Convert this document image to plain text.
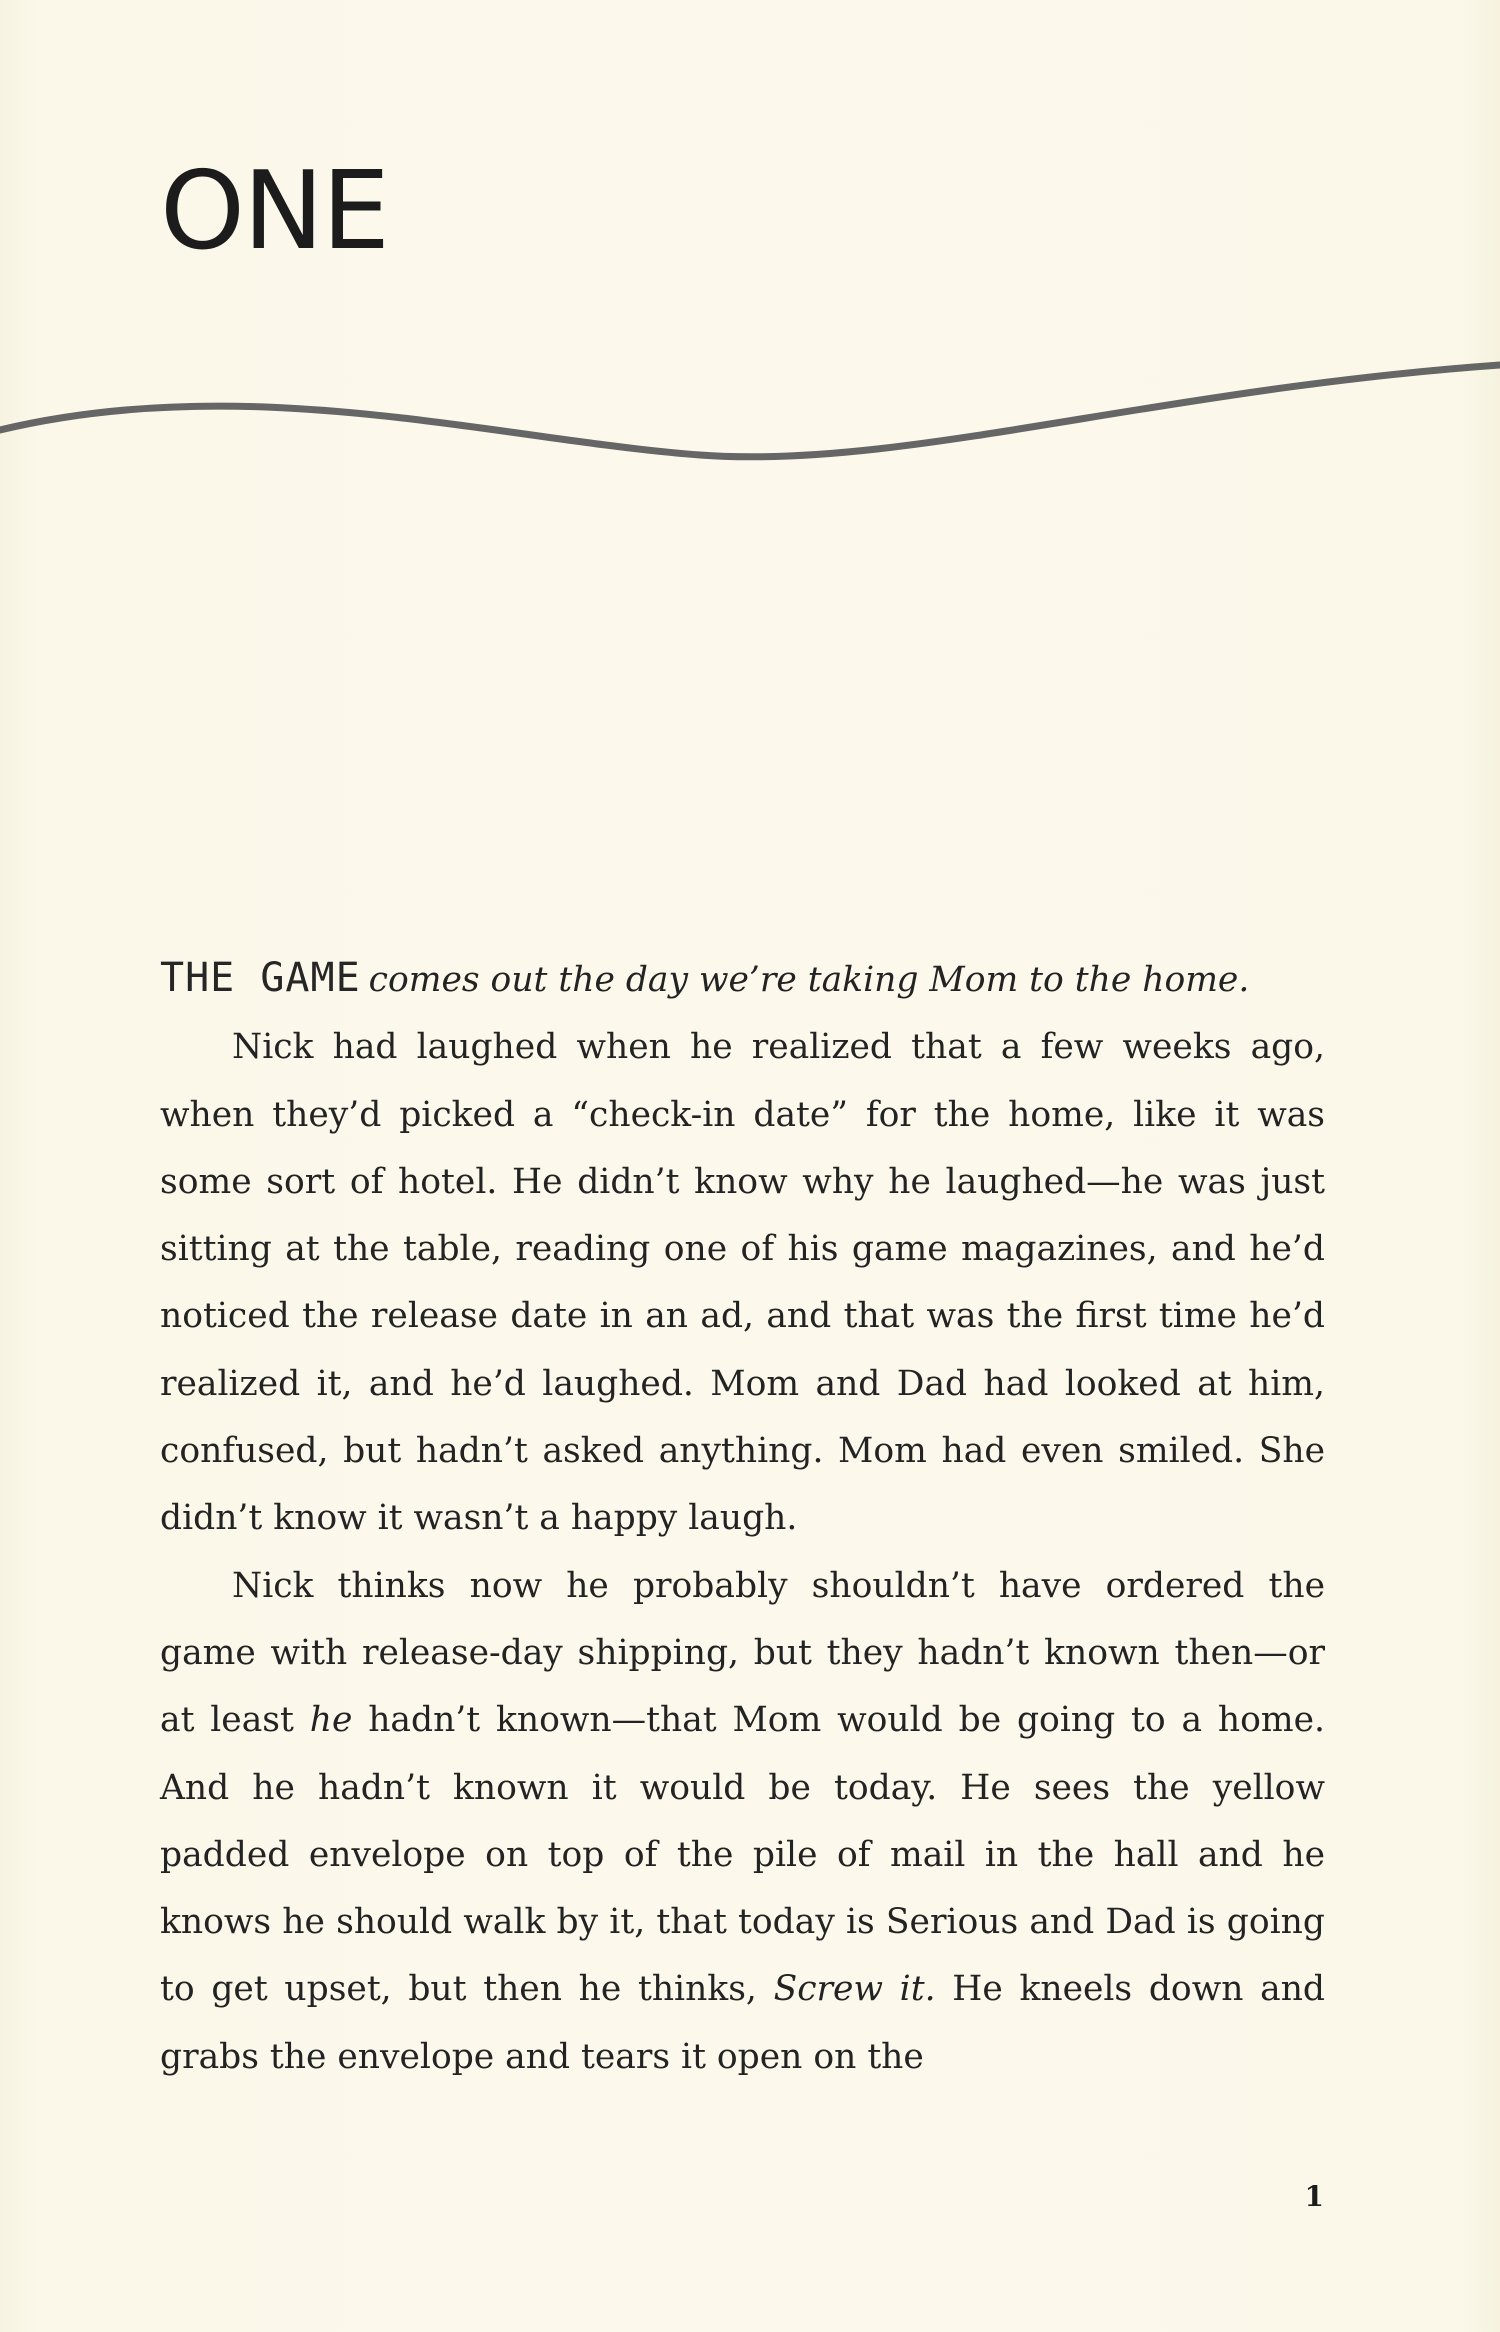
ONE

THE GAME comes out the day we’re taking Mom to the home.

Nick had laughed when he realized that a few weeks ago, when they’d picked a “check-in date” for the home, like it was some sort of hotel. He didn’t know why he laughed—he was just sitting at the table, reading one of his game magazines, and he’d noticed the release date in an ad, and that was the first time he’d realized it, and he’d laughed. Mom and Dad had looked at him, confused, but hadn’t asked anything. Mom had even smiled. She didn’t know it wasn’t a happy laugh.

Nick thinks now he probably shouldn’t have ordered the game with release-day shipping, but they hadn’t known then—or at least he hadn’t known—that Mom would be going to a home. And he hadn’t known it would be today. He sees the yellow padded envelope on top of the pile of mail in the hall and he knows he should walk by it, that today is Serious and Dad is going to get upset, but then he thinks, Screw it. He kneels down and grabs the envelope and tears it open on the

1
